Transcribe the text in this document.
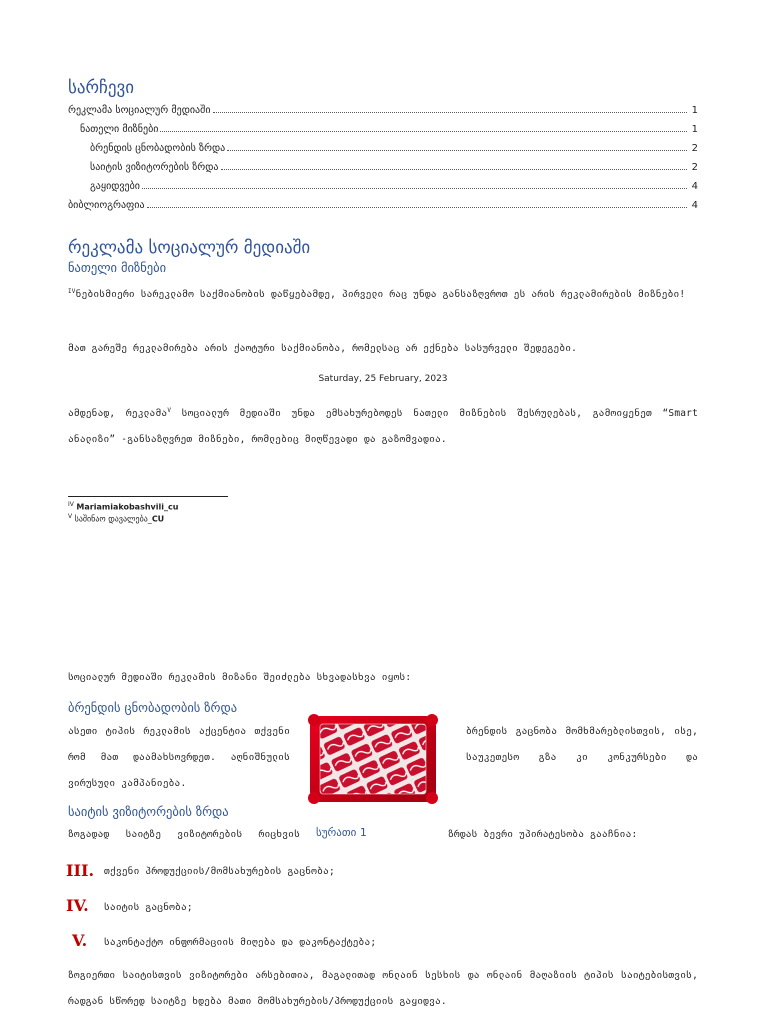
სარჩევი
რეკლამა სოციალურ მედიაში	1
ნათელი მიზნები	1
ბრენდის ცნობადობის ზრდა	2
საიტის ვიზიტორების ზრდა	2
გაყიდვები	4
ბიბლიოგრაფია	4
რეკლამა სოციალურ მედიაში
ნათელი მიზნები
$^{IV}$ნებისმიერი სარეკლამო საქმიანობის დაწყებამდე, პირველი რაც უნდა განსაზღვროთ ეს არის რეკლამირების მიზნები!
მათ გარეშე რეკლამირება არის ქაოტური საქმიანობა, რომელსაც არ ექნება სასურველი შედეგები.
Saturday, 25 February, 2023
ამდენად, რეკლამა$^V$ სოციალურ მედიაში უნდა ემსახურებოდეს ნათელი მიზნების შესრულებას, გამოიყენეთ “Smart ანალიზი” -განსაზღვრეთ მიზნები, რომლებიც მიღწევადი და გაზომვადია.
$^{IV}$ Mariamiakobashvili_cu
$^V$ საშინაო დავალება_CU
სოციალურ მედიაში რეკლამის მიზანი შეიძლება სხვადასხვა იყოს:
ბრენდის ცნობადობის ზრდა
ასეთი ტიპის რეკლამის აქცენტია თქვენი
რომ მათ დაამახსოვრდეთ. აღნიშნულის
ვირუსული კამპანიება.
ბრენდის გაცნობა მომხმარებლისთვის, ისე,
საუკეთესო გზა კი კონკურსები და
საიტის ვიზიტორების ზრდა
ზოგადად საიტზე ვიზიტორების რიცხვის სურათი 1	ზრდას ბევრი უპირატესობა გააჩნია:
III. თქვენი პროდუქციის/მომსახურების გაცნობა;
IV. საიტის გაცნობა;
V. საკონტაქტო ინფორმაციის მიღება და დაკონტაქტება;
ზოგიერთი საიტისთვის ვიზიტორები არსებითია, მაგალითად ონლაინ სესხის და ონლაინ მაღაზიის ტიპის საიტებისთვის, რადგან სწორედ საიტზე ხდება მათი მომსახურების/პროდუქციის გაყიდვა.
